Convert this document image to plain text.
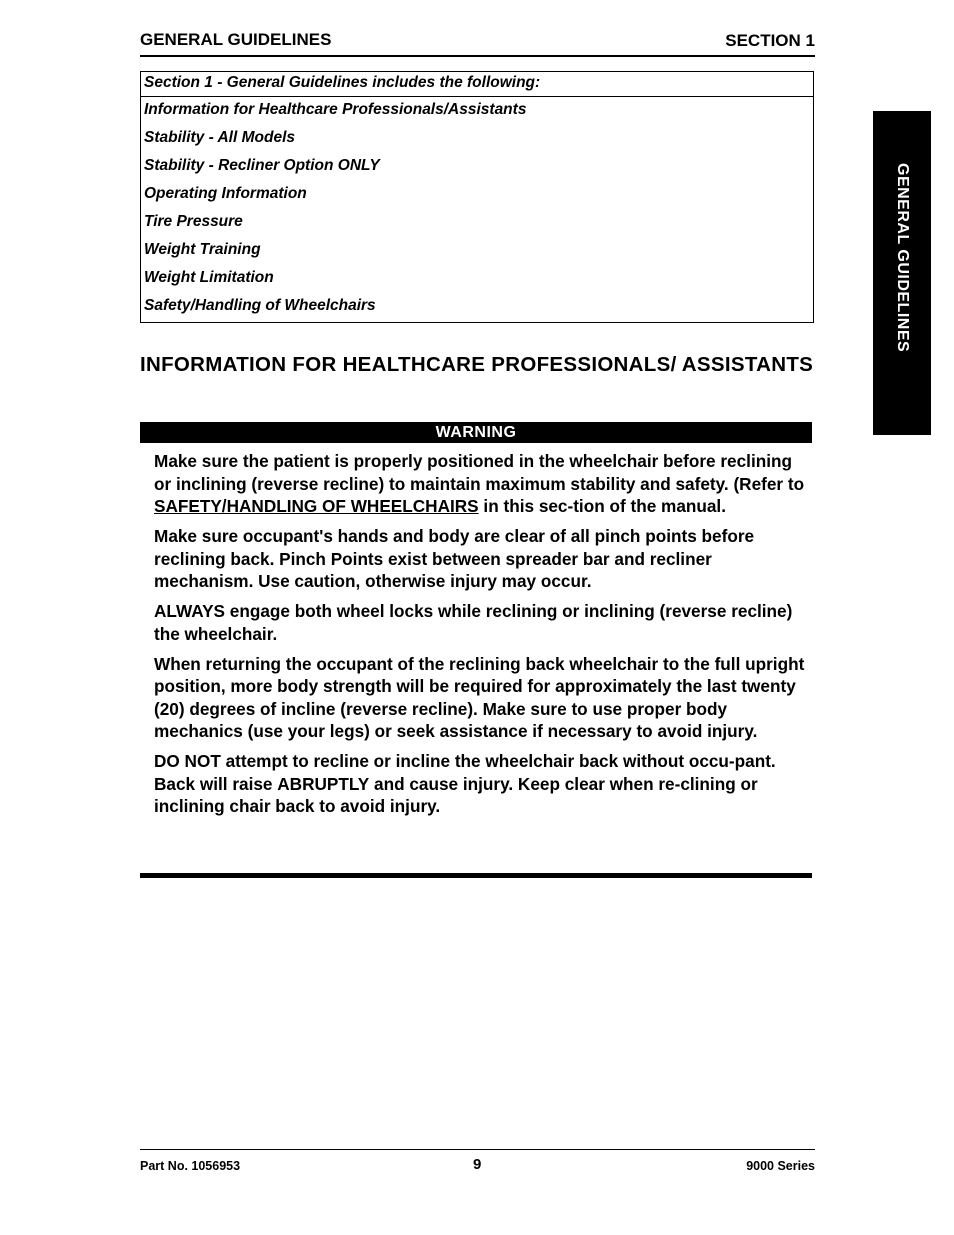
GENERAL GUIDELINES	SECTION 1
Section 1 - General Guidelines includes the following:
Information for Healthcare Professionals/Assistants
Stability - All Models
Stability - Recliner Option ONLY
Operating Information
Tire Pressure
Weight Training
Weight Limitation
Safety/Handling of Wheelchairs	GENERAL GUIDELINES
INFORMATION FOR HEALTHCARE PROFESSIONALS/ ASSISTANTS
WARNING

Make sure the patient is properly positioned in the wheelchair before reclining or inclining (reverse recline) to maintain maximum stability and safety. (Refer to SAFETY/HANDLING OF WHEELCHAIRS in this sec-tion of the manual.

Make sure occupant's hands and body are clear of all pinch points before reclining back. Pinch Points exist between spreader bar and recliner mechanism. Use caution, otherwise injury may occur.

ALWAYS engage both wheel locks while reclining or inclining (reverse recline) the wheelchair.

When returning the occupant of the reclining back wheelchair to the full upright position, more body strength will be required for approximately the last twenty (20) degrees of incline (reverse recline). Make sure to use proper body mechanics (use your legs) or seek assistance if necessary to avoid injury.

DO NOT attempt to recline or incline the wheelchair back without occu-pant. Back will raise ABRUPTLY and cause injury. Keep clear when re-clining or inclining chair back to avoid injury.

Part No. 1056953	9	9000 Series
